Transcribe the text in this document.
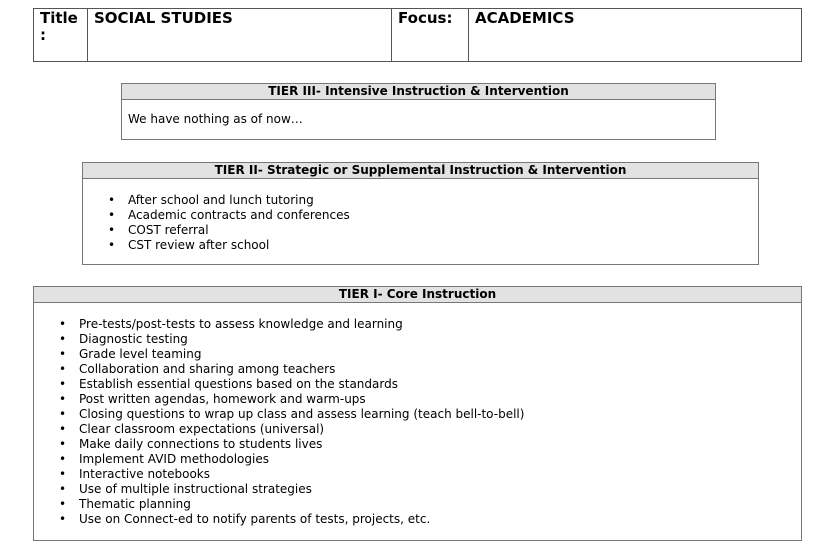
Title :
SOCIAL STUDIES	Focus:	ACADEMICS
TIER III- Intensive Instruction & Intervention

We have nothing as of now…

TIER II- Strategic or Supplemental Instruction & Intervention
• After school and lunch tutoring
• Academic contracts and conferences
• COST referral
• CST review after school
TIER I- Core Instruction
• Pre-tests/post-tests to assess knowledge and learning
• Diagnostic testing
• Grade level teaming
• Collaboration and sharing among teachers
• Establish essential questions based on the standards
• Post written agendas, homework and warm-ups
• Closing questions to wrap up class and assess learning (teach bell-to-bell)
• Clear classroom expectations (universal)
• Make daily connections to students lives
• Implement AVID methodologies
• Interactive notebooks
• Use of multiple instructional strategies
• Thematic planning
• Use on Connect-ed to notify parents of tests, projects, etc.
